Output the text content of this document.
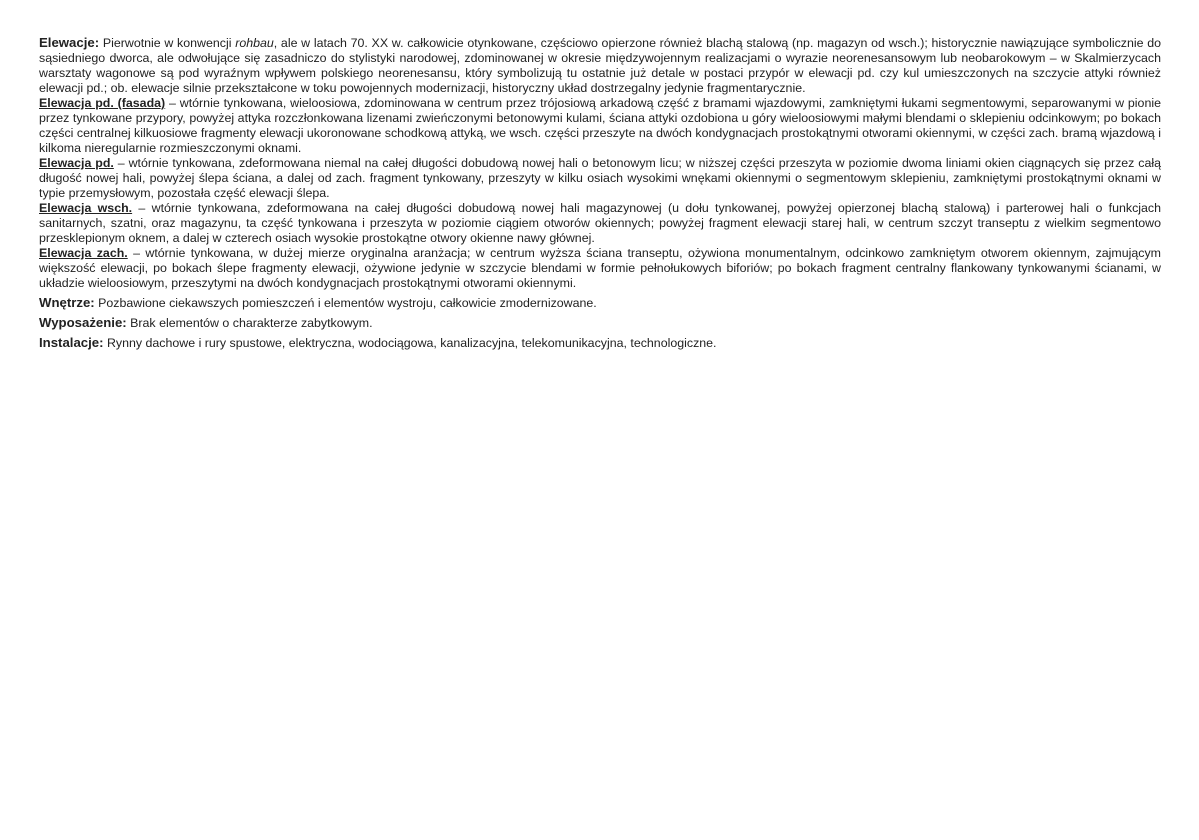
Elewacje: Pierwotnie w konwencji rohbau, ale w latach 70. XX w. całkowicie otynkowane, częściowo opierzone również blachą stalową (np. magazyn od wsch.); historycznie nawiązujące symbolicznie do sąsiedniego dworca, ale odwołujące się zasadniczo do stylistyki narodowej, zdominowanej w okresie międzywojennym realizacjami o wyrazie neorenesansowym lub neobarokowym – w Skalmierzycach warsztaty wagonowe są pod wyraźnym wpływem polskiego neorenesansu, który symbolizują tu ostatnie już detale w postaci przypór w elewacji pd. czy kul umieszczonych na szczycie attyki również elewacji pd.; ob. elewacje silnie przekształcone w toku powojennych modernizacji, historyczny układ dostrzegalny jedynie fragmentarycznie.

Elewacja pd. (fasada) – wtórnie tynkowana, wieloosiowa, zdominowana w centrum przez trójosiową arkadową część z bramami wjazdowymi, zamkniętymi łukami segmentowymi, separowanymi w pionie przez tynkowane przypory, powyżej attyka rozczłonkowana lizenami zwieńczonymi betonowymi kulami, ściana attyki ozdobiona u góry wieloosiowymi małymi blendami o sklepieniu odcinkowym; po bokach części centralnej kilkuosiowe fragmenty elewacji ukoronowane schodkową attyką, we wsch. części przeszyte na dwóch kondygnacjach prostokątnymi otworami okiennymi, w części zach. bramą wjazdową i kilkoma nieregularnie rozmieszczonymi oknami.

Elewacja pd. – wtórnie tynkowana, zdeformowana niemal na całej długości dobudową nowej hali o betonowym licu; w niższej części przeszyta w poziomie dwoma liniami okien ciągnących się przez całą długość nowej hali, powyżej ślepa ściana, a dalej od zach. fragment tynkowany, przeszyty w kilku osiach wysokimi wnękami okiennymi o segmentowym sklepieniu, zamkniętymi prostokątnymi oknami w typie przemysłowym, pozostała część elewacji ślepa.

Elewacja wsch. – wtórnie tynkowana, zdeformowana na całej długości dobudową nowej hali magazynowej (u dołu tynkowanej, powyżej opierzonej blachą stalową) i parterowej hali o funkcjach sanitarnych, szatni, oraz magazynu, ta część tynkowana i przeszyta w poziomie ciągiem otworów okiennych; powyżej fragment elewacji starej hali, w centrum szczyt transeptu z wielkim segmentowo przesklepionym oknem, a dalej w czterech osiach wysokie prostokątne otwory okienne nawy głównej.

Elewacja zach. – wtórnie tynkowana, w dużej mierze oryginalna aranżacja; w centrum wyższa ściana transeptu, ożywiona monumentalnym, odcinkowo zamkniętym otworem okiennym, zajmującym większość elewacji, po bokach ślepe fragmenty elewacji, ożywione jedynie w szczycie blendami w formie pełnołukowych biforiów; po bokach fragment centralny flankowany tynkowanymi ścianami, w układzie wieloosiowym, przeszytymi na dwóch kondygnacjach prostokątnymi otworami okiennymi.

Wnętrze: Pozbawione ciekawszych pomieszczeń i elementów wystroju, całkowicie zmodernizowane.

Wyposażenie: Brak elementów o charakterze zabytkowym.

Instalacje: Rynny dachowe i rury spustowe, elektryczna, wodociągowa, kanalizacyjna, telekomunikacyjna, technologiczne.
